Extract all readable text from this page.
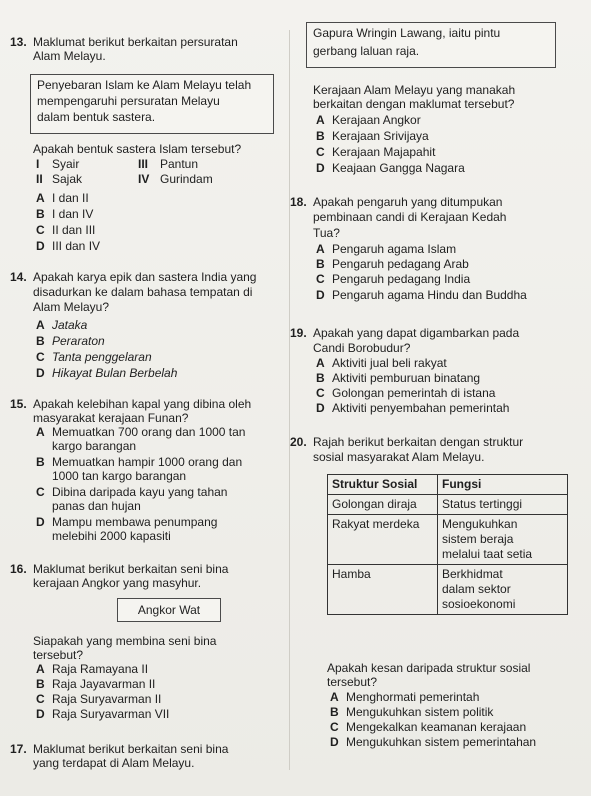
13. Maklumat berikut berkaitan persuratan
Alam Melayu.
Penyebaran Islam ke Alam Melayu telah
mempengaruhi persuratan Melayu
dalam bentuk sastera.
Apakah bentuk sastera Islam tersebut?
I Syair
II Sajak
III Pantun
IV Gurindam
A I dan II
B I dan IV
C II dan III
D III dan IV
14. Apakah karya epik dan sastera India yang
disadurkan ke dalam bahasa tempatan di
Alam Melayu?
A Jataka
B Peraraton
C Tanta penggelaran
D Hikayat Bulan Berbelah
15. Apakah kelebihan kapal yang dibina oleh
masyarakat kerajaan Funan?
A Memuatkan 700 orang dan 1000 tan
kargo barangan
B Memuatkan hampir 1000 orang dan
1000 tan kargo barangan
C Dibina daripada kayu yang tahan
panas dan hujan
D Mampu membawa penumpang
melebihi 2000 kapasiti
16. Maklumat berikut berkaitan seni bina
kerajaan Angkor yang masyhur.
Angkor Wat
Siapakah yang membina seni bina
tersebut?
A Raja Ramayana II
B Raja Jayavarman II
C Raja Suryavarman II
D Raja Suryavarman VII
17. Maklumat berikut berkaitan seni bina
yang terdapat di Alam Melayu.
Gapura Wringin Lawang, iaitu pintu
gerbang laluan raja.
Kerajaan Alam Melayu yang manakah
berkaitan dengan maklumat tersebut?
A Kerajaan Angkor
B Kerajaan Srivijaya
C Kerajaan Majapahit
D Keajaan Gangga Nagara
18. Apakah pengaruh yang ditumpukan
pembinaan candi di Kerajaan Kedah
Tua?
A Pengaruh agama Islam
B Pengaruh pedagang Arab
C Pengaruh pedagang India
D Pengaruh agama Hindu dan Buddha
19. Apakah yang dapat digambarkan pada
Candi Borobudur?
A Aktiviti jual beli rakyat
B Aktiviti pemburuan binatang
C Golongan pemerintah di istana
D Aktiviti penyembahan pemerintah
20. Rajah berikut berkaitan dengan struktur
sosial masyarakat Alam Melayu.
Struktur Sosial	Fungsi
Golongan diraja	Status tertinggi

Rakyat merdeka	Mengukuhkan
sistem beraja
melalui taat setia

Hamba	Berkhidmat
dalam sektor
sosioekonomi
Apakah kesan daripada struktur sosial
tersebut?
A Menghormati pemerintah
B Mengukuhkan sistem politik
C Mengekalkan keamanan kerajaan
D Mengukuhkan sistem pemerintahan
